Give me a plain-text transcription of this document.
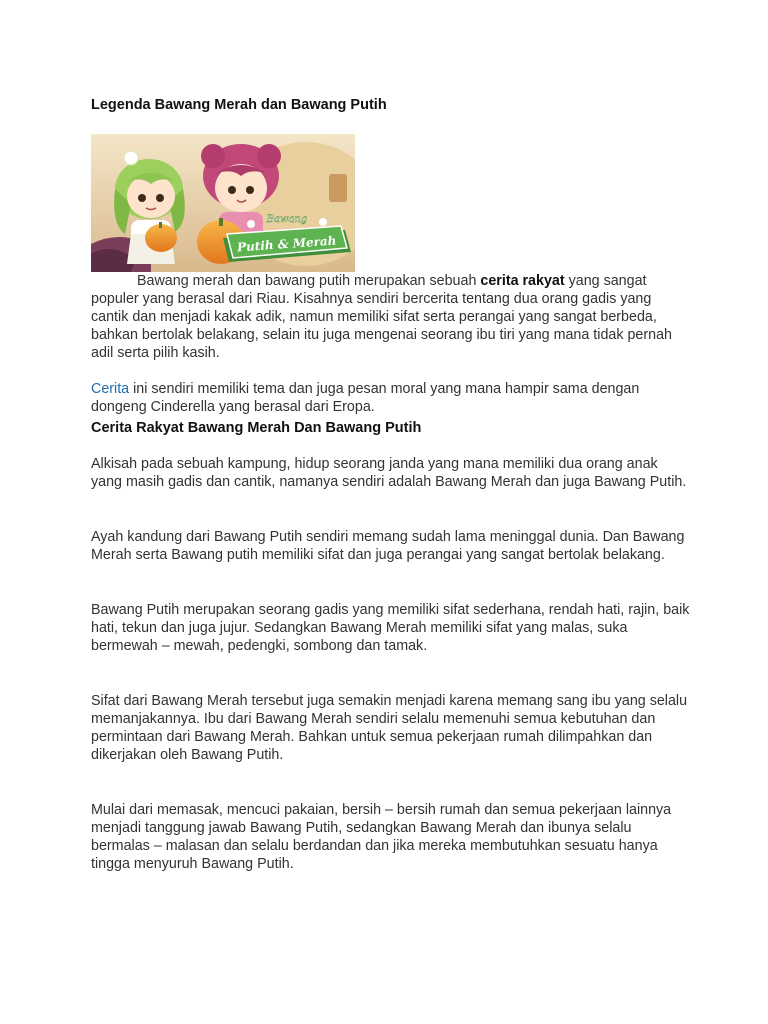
Legenda Bawang Merah dan Bawang Putih
Bawang
Putih & Merah

Bawang merah dan bawang putih merupakan sebuah cerita rakyat yang sangat populer yang berasal dari Riau. Kisahnya sendiri bercerita tentang dua orang gadis yang cantik dan menjadi kakak adik, namun memiliki sifat serta perangai yang sangat berbeda, bahkan bertolak belakang, selain itu juga mengenai seorang ibu tiri yang mana tidak pernah adil serta pilih kasih.

Cerita ini sendiri memiliki tema dan juga pesan moral yang mana hampir sama dengan dongeng Cinderella yang berasal dari Eropa.

Cerita Rakyat Bawang Merah Dan Bawang Putih

Alkisah pada sebuah kampung, hidup seorang janda yang mana memiliki dua orang anak yang masih gadis dan cantik, namanya sendiri adalah Bawang Merah dan juga Bawang Putih.

Ayah kandung dari Bawang Putih sendiri memang sudah lama meninggal dunia. Dan Bawang Merah serta Bawang putih memiliki sifat dan juga perangai yang sangat bertolak belakang.

Bawang Putih merupakan seorang gadis yang memiliki sifat sederhana, rendah hati, rajin, baik hati, tekun dan juga jujur. Sedangkan Bawang Merah memiliki sifat yang malas, suka bermewah – mewah, pedengki, sombong dan tamak.

Sifat dari Bawang Merah tersebut juga semakin menjadi karena memang sang ibu yang selalu memanjakannya. Ibu dari Bawang Merah sendiri selalu memenuhi semua kebutuhan dan permintaan dari Bawang Merah. Bahkan untuk semua pekerjaan rumah dilimpahkan dan dikerjakan oleh Bawang Putih.

Mulai dari memasak, mencuci pakaian, bersih – bersih rumah dan semua pekerjaan lainnya menjadi tanggung jawab Bawang Putih, sedangkan Bawang Merah dan ibunya selalu bermalas – malasan dan selalu berdandan dan jika mereka membutuhkan sesuatu hanya tingga menyuruh Bawang Putih.
